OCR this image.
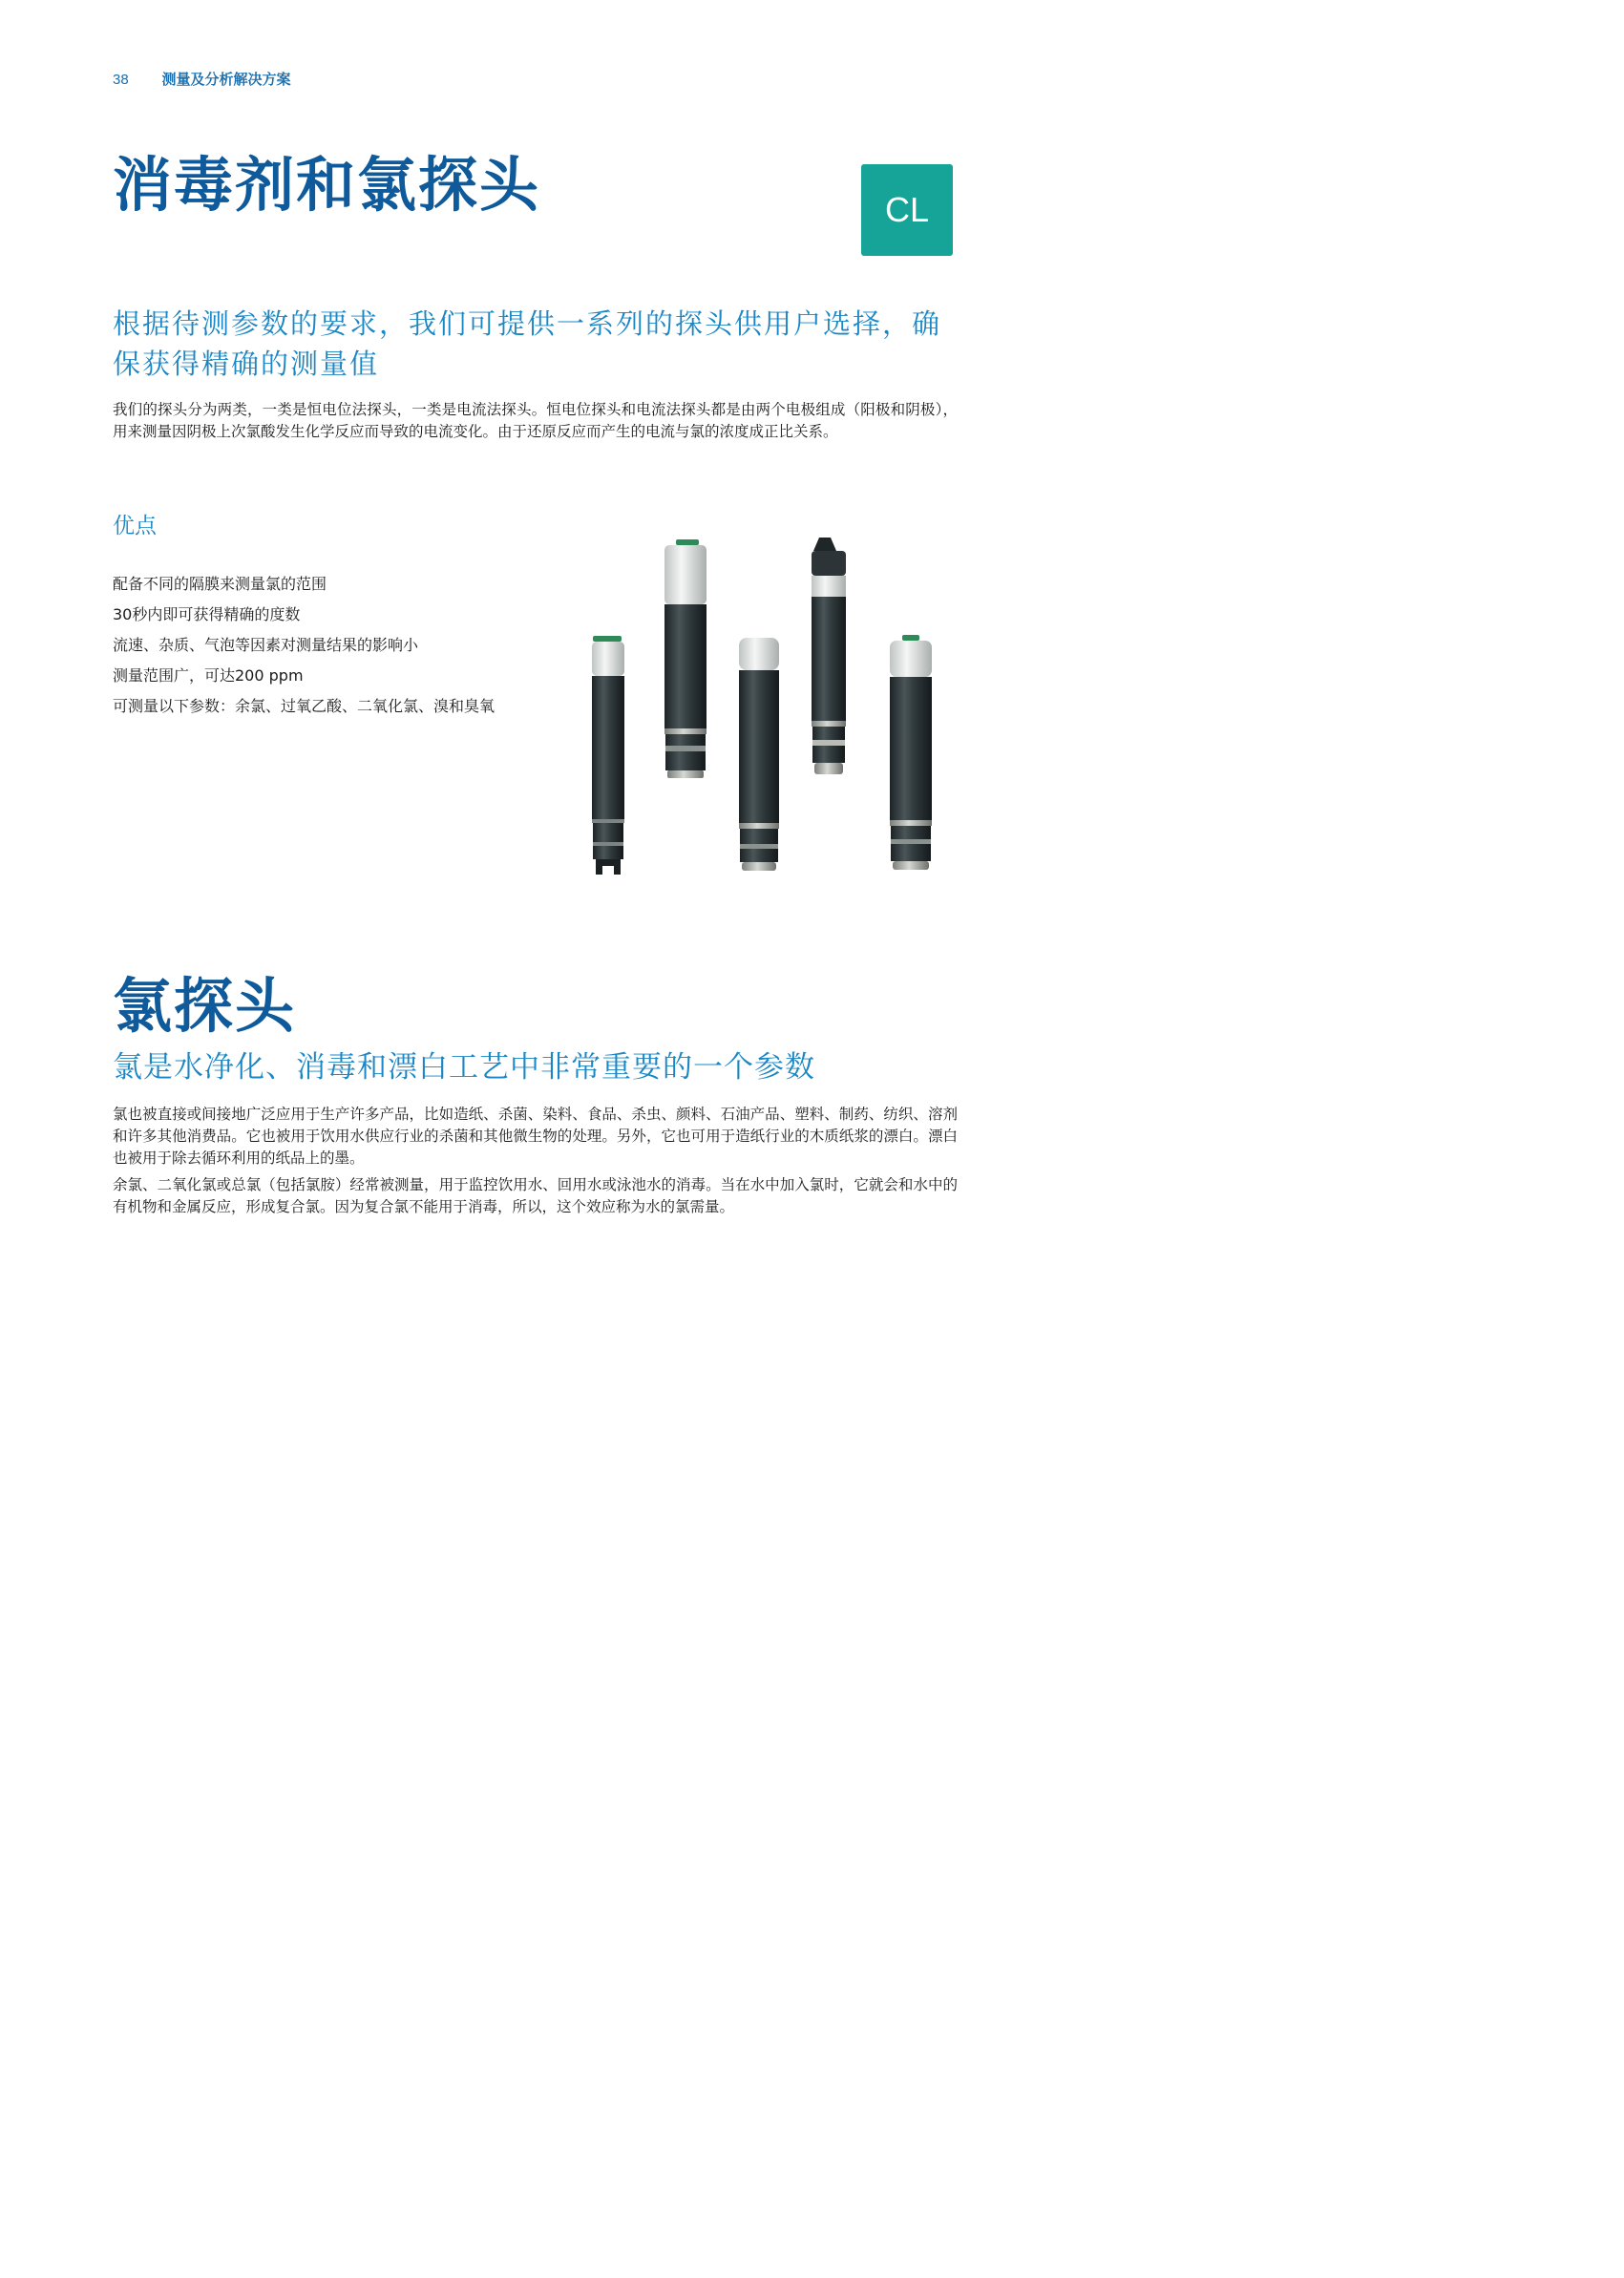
38 测量及分析解决方案
消毒剂和氯探头	CL
根据待测参数的要求，我们可提供一系列的探头供用户选择，确保获得精确的测量值

我们的探头分为两类，一类是恒电位法探头，一类是电流法探头。恒电位探头和电流法探头都是由两个电极组成（阳极和阴极），用来测量因阴极上次氯酸发生化学反应而导致的电流变化。由于还原反应而产生的电流与氯的浓度成正比关系。

优点
配备不同的隔膜来测量氯的范围
30秒内即可获得精确的度数
流速、杂质、气泡等因素对测量结果的影响小
测量范围广，可达200 ppm
可测量以下参数：余氯、过氧乙酸、二氧化氯、溴和臭氧
氯探头
氯是水净化、消毒和漂白工艺中非常重要的一个参数

氯也被直接或间接地广泛应用于生产许多产品，比如造纸、杀菌、染料、食品、杀虫、颜料、石油产品、塑料、制药、纺织、溶剂和许多其他消费品。它也被用于饮用水供应行业的杀菌和其他微生物的处理。另外，它也可用于造纸行业的木质纸浆的漂白。漂白也被用于除去循环利用的纸品上的墨。

余氯、二氧化氯或总氯（包括氯胺）经常被测量，用于监控饮用水、回用水或泳池水的消毒。当在水中加入氯时，它就会和水中的有机物和金属反应，形成复合氯。因为复合氯不能用于消毒，所以，这个效应称为水的氯需量。
